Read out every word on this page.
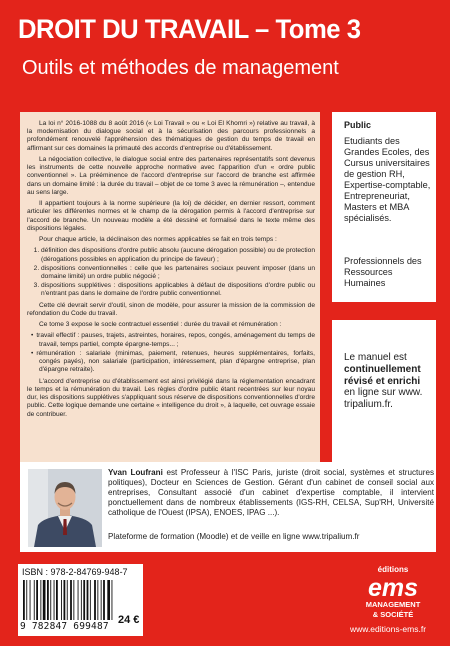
DROIT DU TRAVAIL – Tome 3
Outils et méthodes de management

La loi n° 2016-1088 du 8 août 2016 (« Loi Travail » ou « Loi El Khomri ») relative au travail, à la modernisation du dialogue social et à la sécurisation des parcours professionnels a profondément renouvelé l'appréhension des thématiques de gestion du temps de travail en affirmant sur ces domaines la primauté des accords d'entreprise ou d'établissement.

La négociation collective, le dialogue social entre des partenaires représentatifs sont devenus les instruments de cette nouvelle approche normative avec l'apparition d'un « ordre public conventionnel ». La prééminence de l'accord d'entreprise sur l'accord de branche est affirmée dans un domaine limité : la durée du travail – objet de ce tome 3 avec la rémunération –, entendue au sens large.

Il appartient toujours à la norme supérieure (la loi) de décider, en dernier ressort, comment articuler les différentes normes et le champ de la dérogation permis à l'accord d'entreprise sur l'accord de branche. Un nouveau modèle a été dessiné et formalisé dans le texte même des dispositions légales.

Pour chaque article, la déclinaison des normes applicables se fait en trois temps :

1. définition des dispositions d'ordre public absolu (aucune dérogation possible) ou de protection (dérogations possibles en application du principe de faveur) ;
2. dispositions conventionnelles : celle que les partenaires sociaux peuvent imposer (dans un domaine limité) un ordre public négocié ;
3. dispositions supplétives : dispositions applicables à défaut de dispositions d'ordre public ou n'entrant pas dans le domaine de l'ordre public conventionnel.

Cette clé devrait servir d'outil, sinon de modèle, pour assurer la mission de la commission de refondation du Code du travail.

Ce tome 3 expose le socle contractuel essentiel : durée du travail et rémunération :

• travail effectif : pauses, trajets, astreintes, horaires, repos, congés, aménagement du temps de travail, temps partiel, compte épargne-temps... ;
• rémunération : salariale (minimas, paiement, retenues, heures supplémentaires, forfaits, congés payés), non salariale (participation, intéressement, plan d'épargne entreprise, plan d'épargne retraite).

L'accord d'entreprise ou d'établissement est ainsi privilégié dans la réglementation encadrant le temps et la rémunération du travail. Les règles d'ordre public étant recentrées sur leur noyau dur, les dispositions supplétives s'appliquant sous réserve de dispositions conventionnelles d'ordre public. Cette logique demande une certaine « intelligence du droit », à laquelle, cet ouvrage essaie de contribuer.

Public
Etudiants des Grandes Ecoles, des Cursus universitaires de gestion RH, Expertise-comptable, Entrepreneuriat, Masters et MBA spécialisés.
Professionnels des Ressources Humaines
Le manuel est continuellement révisé et enrichi en ligne sur www. tripalium.fr.
Yvan Loufrani est Professeur à l'ISC Paris, juriste (droit social, systèmes et structures politiques), Docteur en Sciences de Gestion. Gérant d'un cabinet de conseil social aux entreprises, Consultant associé d'un cabinet d'expertise comptable, il intervient ponctuellement dans de nombreux établissements (IGS-RH, CELSA, Sup'RH, Université catholique de l'Ouest (IPSA), ENOES, IPAG ...).
Plateforme de formation (Moodle) et de veille en ligne www.tripalium.fr
ISBN : 978-2-84769-948-7
9 782847 699487
24 €
éditions
ems
MANAGEMENT
& SOCIÉTÉ
www.editions-ems.fr
